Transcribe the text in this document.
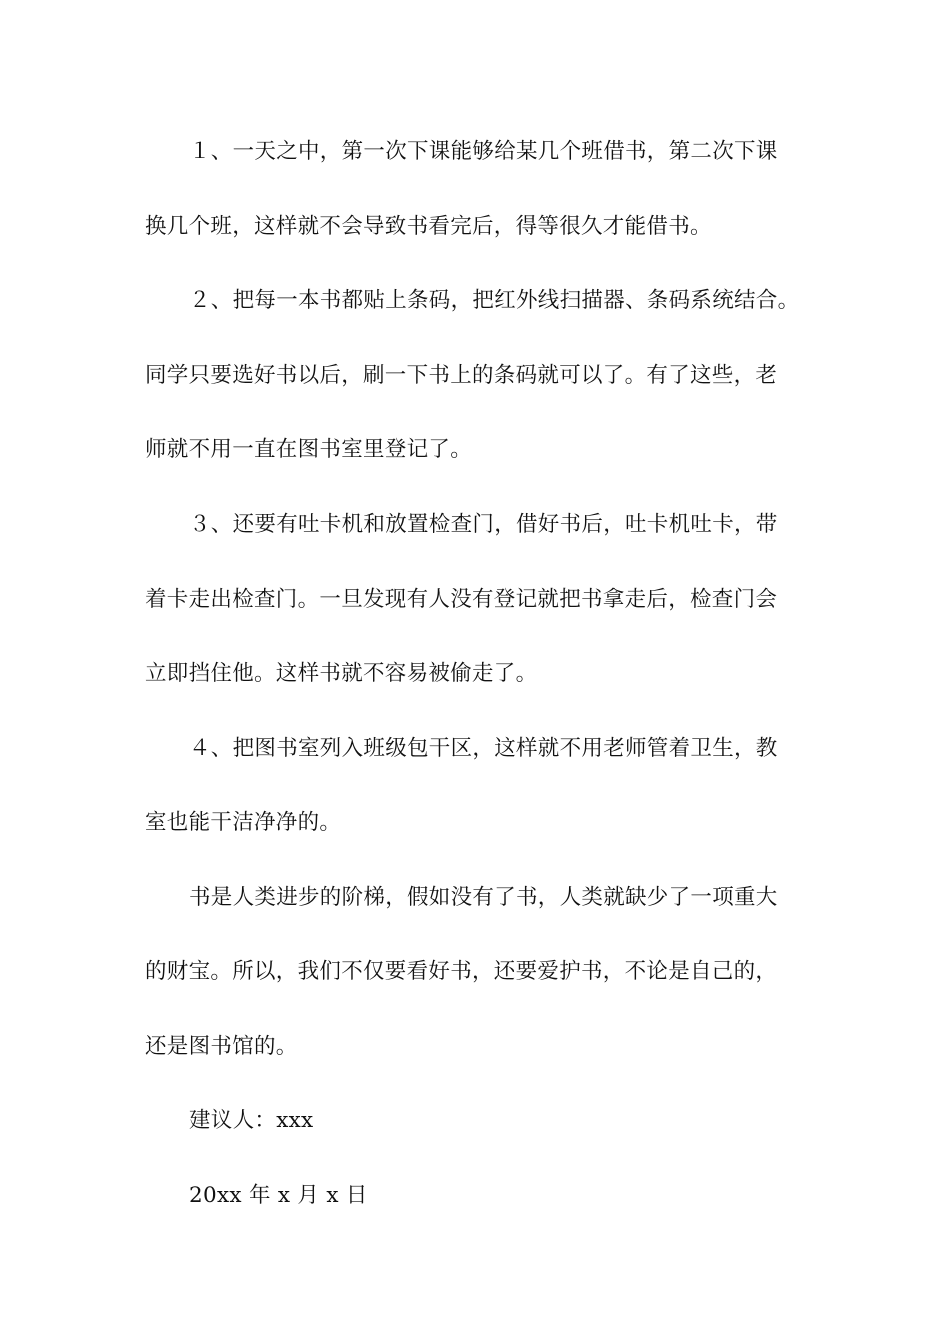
１、一天之中，第一次下课能够给某几个班借书，第二次下课
换几个班，这样就不会导致书看完后，得等很久才能借书。
２、把每一本书都贴上条码，把红外线扫描器、条码系统结合。
同学只要选好书以后，刷一下书上的条码就可以了。有了这些，老
师就不用一直在图书室里登记了。
３、还要有吐卡机和放置检查门，借好书后，吐卡机吐卡，带
着卡走出检查门。一旦发现有人没有登记就把书拿走后，检查门会
立即挡住他。这样书就不容易被偷走了。
４、把图书室列入班级包干区，这样就不用老师管着卫生，教
室也能干洁净净的。
书是人类进步的阶梯，假如没有了书，人类就缺少了一项重大
的财宝。所以，我们不仅要看好书，还要爱护书，不论是自己的，
还是图书馆的。
建议人：xxx
20xx 年 x 月 x 日
